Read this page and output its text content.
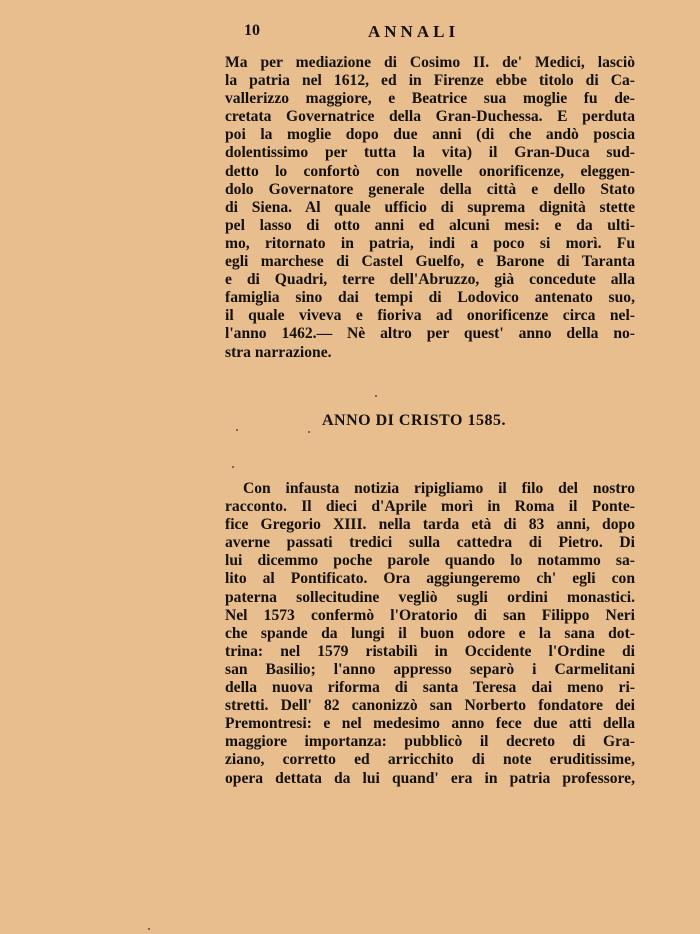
10	ANNALI
Ma per mediazione di Cosimo II. de' Medici, lasciò
la patria nel 1612, ed in Firenze ebbe titolo di Ca-
vallerizzo maggiore, e Beatrice sua moglie fu de-
cretata Governatrice della Gran-Duchessa. E perduta
poi la moglie dopo due anni (di che andò poscia
dolentissimo per tutta la vita) il Gran-Duca sud-
detto lo confortò con novelle onorificenze, eleggen-
dolo Governatore generale della città e dello Stato
di Siena. Al quale ufficio di suprema dignità stette
pel lasso di otto anni ed alcuni mesi: e da ulti-
mo, ritornato in patria, indi a poco si morì. Fu
egli marchese di Castel Guelfo, e Barone di Taranta
e di Quadri, terre dell'Abruzzo, già concedute alla
famiglia sino dai tempi di Lodovico antenato suo,
il quale viveva e fioriva ad onorificenze circa nel-
l'anno 1462.— Nè altro per quest' anno della no-
stra narrazione.
ANNO DI CRISTO 1585.
Con infausta notizia ripigliamo il filo del nostro
racconto. Il dieci d'Aprile morì in Roma il Ponte-
fice Gregorio XIII. nella tarda età di 83 anni, dopo
averne passati tredici sulla cattedra di Pietro. Di
lui dicemmo poche parole quando lo notammo sa-
lito al Pontificato. Ora aggiungeremo ch' egli con
paterna sollecitudine vegliò sugli ordini monastici.
Nel 1573 confermò l'Oratorio di san Filippo Neri
che spande da lungi il buon odore e la sana dot-
trina: nel 1579 ristabilì in Occidente l'Ordine di
san Basilio; l'anno appresso separò i Carmelitani
della nuova riforma di santa Teresa dai meno ri-
stretti. Dell' 82 canonizzò san Norberto fondatore dei
Premontresi: e nel medesimo anno fece due atti della
maggiore importanza: pubblicò il decreto di Gra-
ziano, corretto ed arricchito di note eruditissime,
opera dettata da lui quand' era in patria professore,
